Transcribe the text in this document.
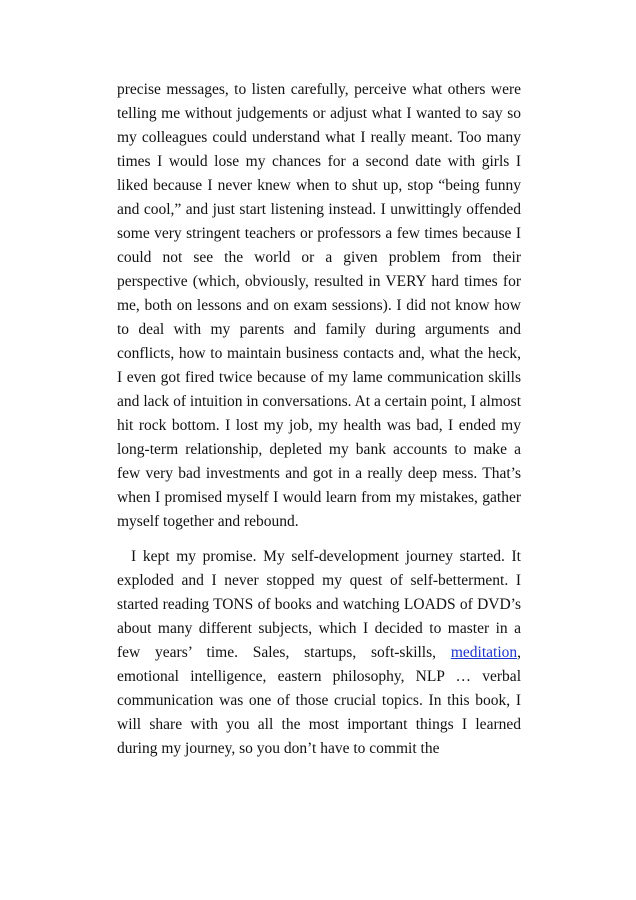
precise messages, to listen carefully, perceive what others were telling me without judgements or adjust what I wanted to say so my colleagues could understand what I really meant. Too many times I would lose my chances for a second date with girls I liked because I never knew when to shut up, stop “being funny and cool,” and just start listening instead. I unwittingly offended some very stringent teachers or professors a few times because I could not see the world or a given problem from their perspective (which, obviously, resulted in VERY hard times for me, both on lessons and on exam sessions). I did not know how to deal with my parents and family during arguments and conflicts, how to maintain business contacts and, what the heck, I even got fired twice because of my lame communication skills and lack of intuition in conversations. At a certain point, I almost hit rock bottom. I lost my job, my health was bad, I ended my long-term relationship, depleted my bank accounts to make a few very bad investments and got in a really deep mess. That’s when I promised myself I would learn from my mistakes, gather myself together and rebound.

I kept my promise. My self-development journey started. It exploded and I never stopped my quest of self-betterment. I started reading TONS of books and watching LOADS of DVD’s about many different subjects, which I decided to master in a few years’ time. Sales, startups, soft-skills, meditation, emotional intelligence, eastern philosophy, NLP … verbal communication was one of those crucial topics. In this book, I will share with you all the most important things I learned during my journey, so you don’t have to commit the
